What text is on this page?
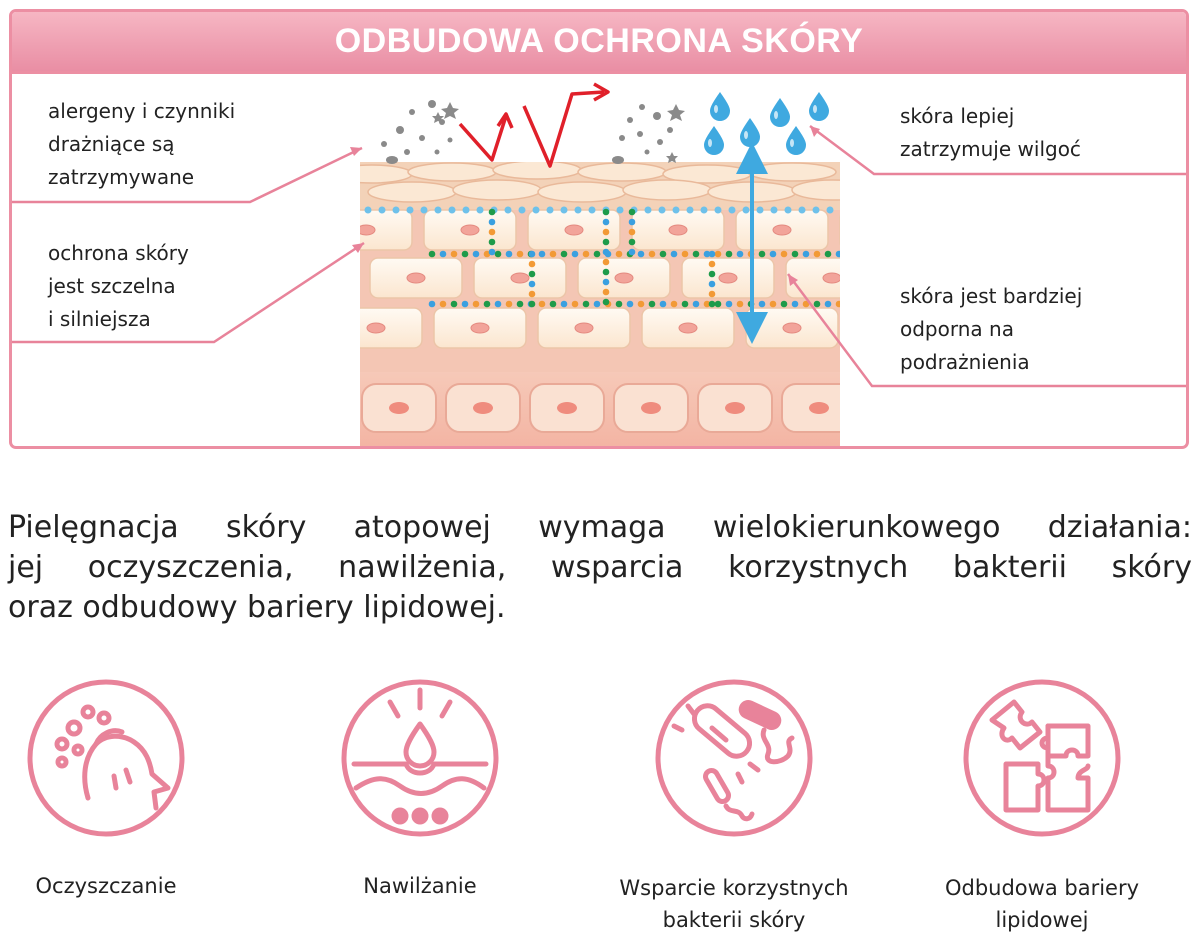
ODBUDOWA OCHRONA SKÓRY
alergeny i czynniki
drażniące są
zatrzymywane
ochrona skóry
jest szczelna
i silniejsza
skóra lepiej
zatrzymuje wilgoć
skóra jest bardziej
odporna na
podrażnienia
Pielęgnacja skóry atopowej wymaga wielokierunkowego działania:
jej oczyszczenia, nawilżenia, wsparcia korzystnych bakterii skóry
oraz odbudowy bariery lipidowej.
Oczyszczanie	Nawilżanie	Wsparcie korzystnych
bakterii skóry
Odbudowa bariery
lipidowej
